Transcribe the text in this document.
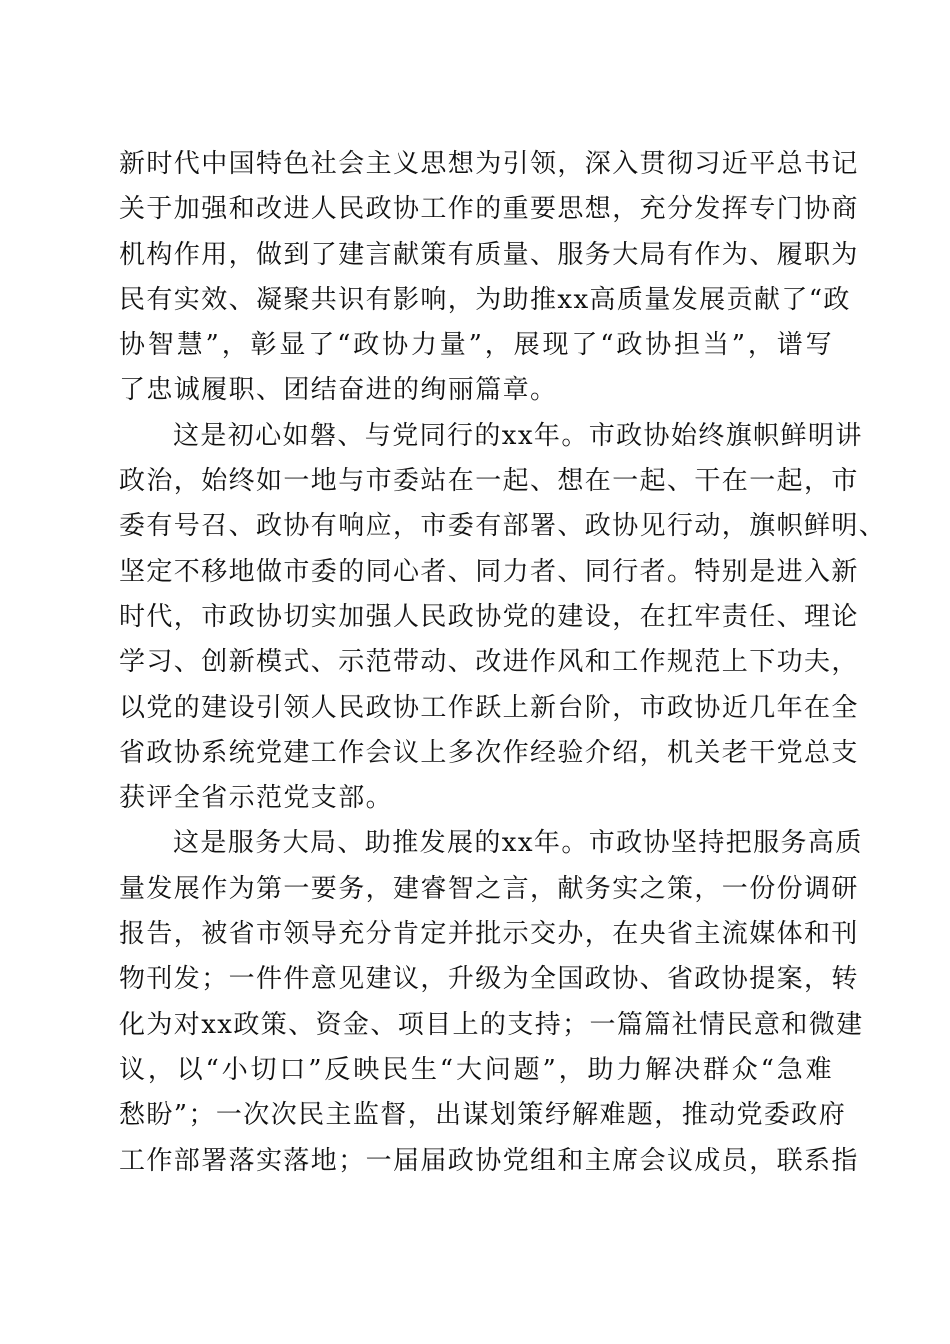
新时代中国特色社会主义思想为引领，深入贯彻习近平总书记
关于加强和改进人民政协工作的重要思想，充分发挥专门协商
机构作用，做到了建言献策有质量、服务大局有作为、履职为
民有实效、凝聚共识有影响，为助推xx高质量发展贡献了“政
协智慧”，彰显了“政协力量”，展现了“政协担当”，谱写
了忠诚履职、团结奋进的绚丽篇章。
这是初心如磐、与党同行的xx年。市政协始终旗帜鲜明讲
政治，始终如一地与市委站在一起、想在一起、干在一起，市
委有号召、政协有响应，市委有部署、政协见行动，旗帜鲜明、
坚定不移地做市委的同心者、同力者、同行者。特别是进入新
时代，市政协切实加强人民政协党的建设，在扛牢责任、理论
学习、创新模式、示范带动、改进作风和工作规范上下功夫，
以党的建设引领人民政协工作跃上新台阶，市政协近几年在全
省政协系统党建工作会议上多次作经验介绍，机关老干党总支
获评全省示范党支部。
这是服务大局、助推发展的xx年。市政协坚持把服务高质
量发展作为第一要务，建睿智之言，献务实之策，一份份调研
报告，被省市领导充分肯定并批示交办，在央省主流媒体和刊
物刊发；一件件意见建议，升级为全国政协、省政协提案，转
化为对xx政策、资金、项目上的支持；一篇篇社情民意和微建
议，以“小切口”反映民生“大问题”，助力解决群众“急难
愁盼”；一次次民主监督，出谋划策纾解难题，推动党委政府
工作部署落实落地；一届届政协党组和主席会议成员，联系指
